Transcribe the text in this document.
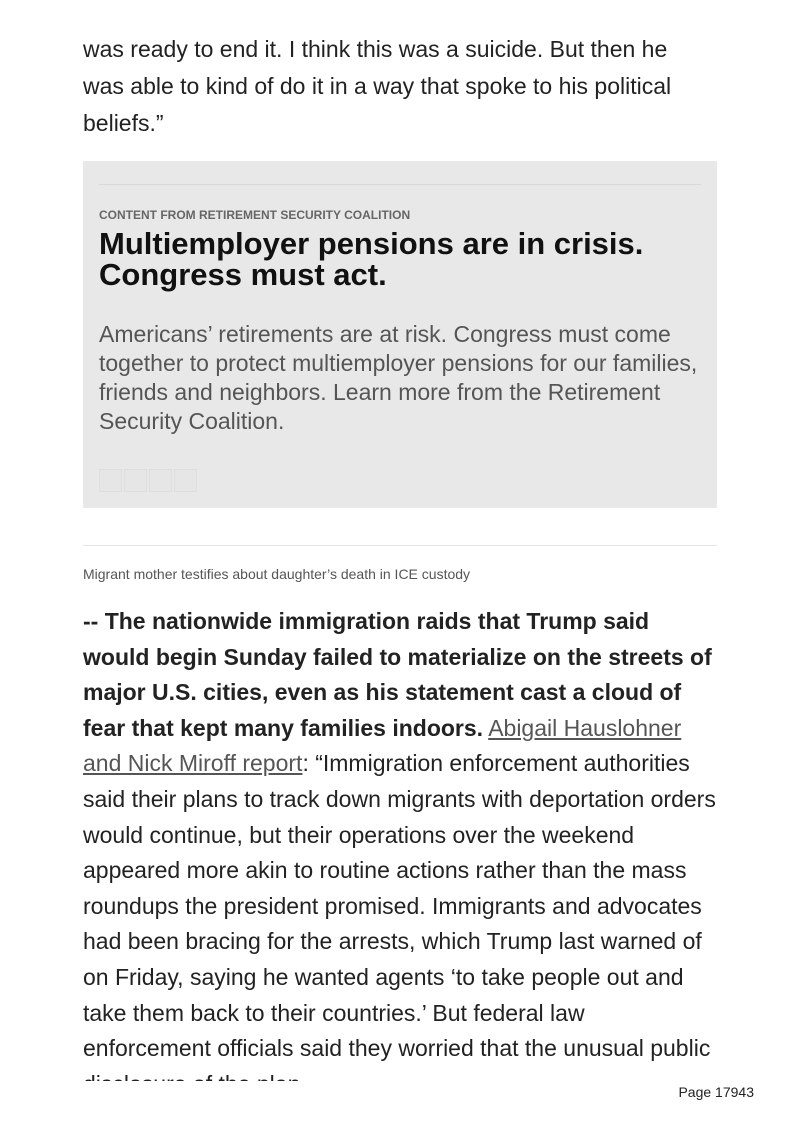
was ready to end it. I think this was a suicide. But then he was able to kind of do it in a way that spoke to his political beliefs.”

CONTENT FROM RETIREMENT SECURITY COALITION
Multiemployer pensions are in crisis. Congress must act.

Americans’ retirements are at risk. Congress must come together to protect multiemployer pensions for our families, friends and neighbors. Learn more from the Retirement Security Coalition.

Migrant mother testifies about daughter’s death in ICE custody

-- The nationwide immigration raids that Trump said would begin Sunday failed to materialize on the streets of major U.S. cities, even as his statement cast a cloud of fear that kept many families indoors. Abigail Hauslohner and Nick Miroff report: “Immigration enforcement authorities said their plans to track down migrants with deportation orders would continue, but their operations over the weekend appeared more akin to routine actions rather than the mass roundups the president promised. Immigrants and advocates had been bracing for the arrests, which Trump last warned of on Friday, saying he wanted agents ‘to take people out and take them back to their countries.’ But federal law enforcement officials said they worried that the unusual public

Page 17943
